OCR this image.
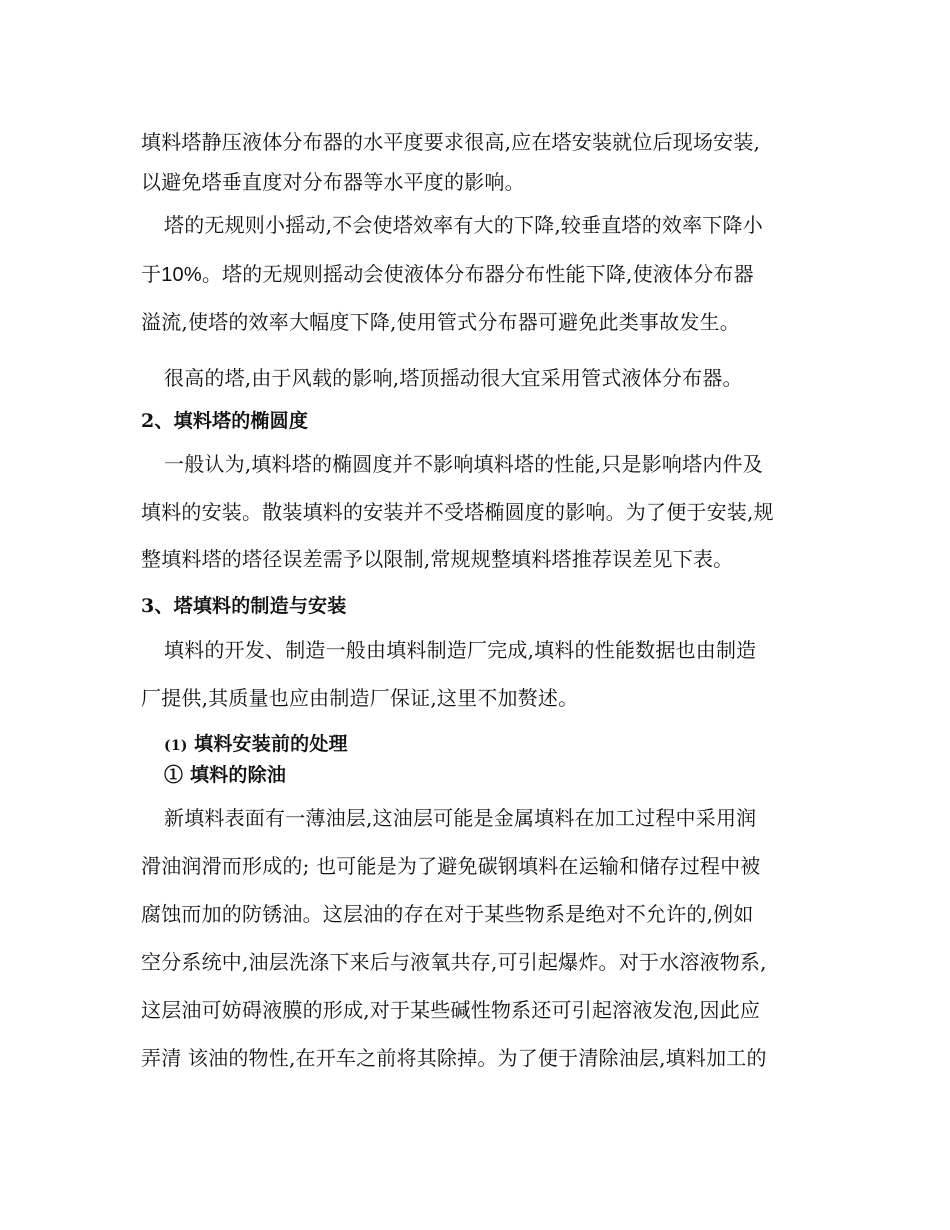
填料塔静压液体分布器的水平度要求很高,应在塔安装就位后现场安装,
以避免塔垂直度对分布器等水平度的影响。
塔的无规则小摇动,不会使塔效率有大的下降,较垂直塔的效率下降小
于10%。塔的无规则摇动会使液体分布器分布性能下降,使液体分布器
溢流,使塔的效率大幅度下降,使用管式分布器可避免此类事故发生。
很高的塔,由于风载的影响,塔顶摇动很大宜采用管式液体分布器。
2、填料塔的椭圆度
一般认为,填料塔的椭圆度并不影响填料塔的性能,只是影响塔内件及
填料的安装。散装填料的安装并不受塔椭圆度的影响。为了便于安装,规
整填料塔的塔径误差需予以限制,常规规整填料塔推荐误差见下表。
3、塔填料的制造与安装
填料的开发、制造一般由填料制造厂完成,填料的性能数据也由制造
厂提供,其质量也应由制造厂保证,这里不加赘述。
(1) 填料安装前的处理
① 填料的除油
新填料表面有一薄油层,这油层可能是金属填料在加工过程中采用润
滑油润滑而形成的; 也可能是为了避免碳钢填料在运输和储存过程中被
腐蚀而加的防锈油。这层油的存在对于某些物系是绝对不允许的,例如
空分系统中,油层洗涤下来后与液氧共存,可引起爆炸。对于水溶液物系,
这层油可妨碍液膜的形成,对于某些碱性物系还可引起溶液发泡,因此应
弄清 该油的物性,在开车之前将其除掉。为了便于清除油层,填料加工的
